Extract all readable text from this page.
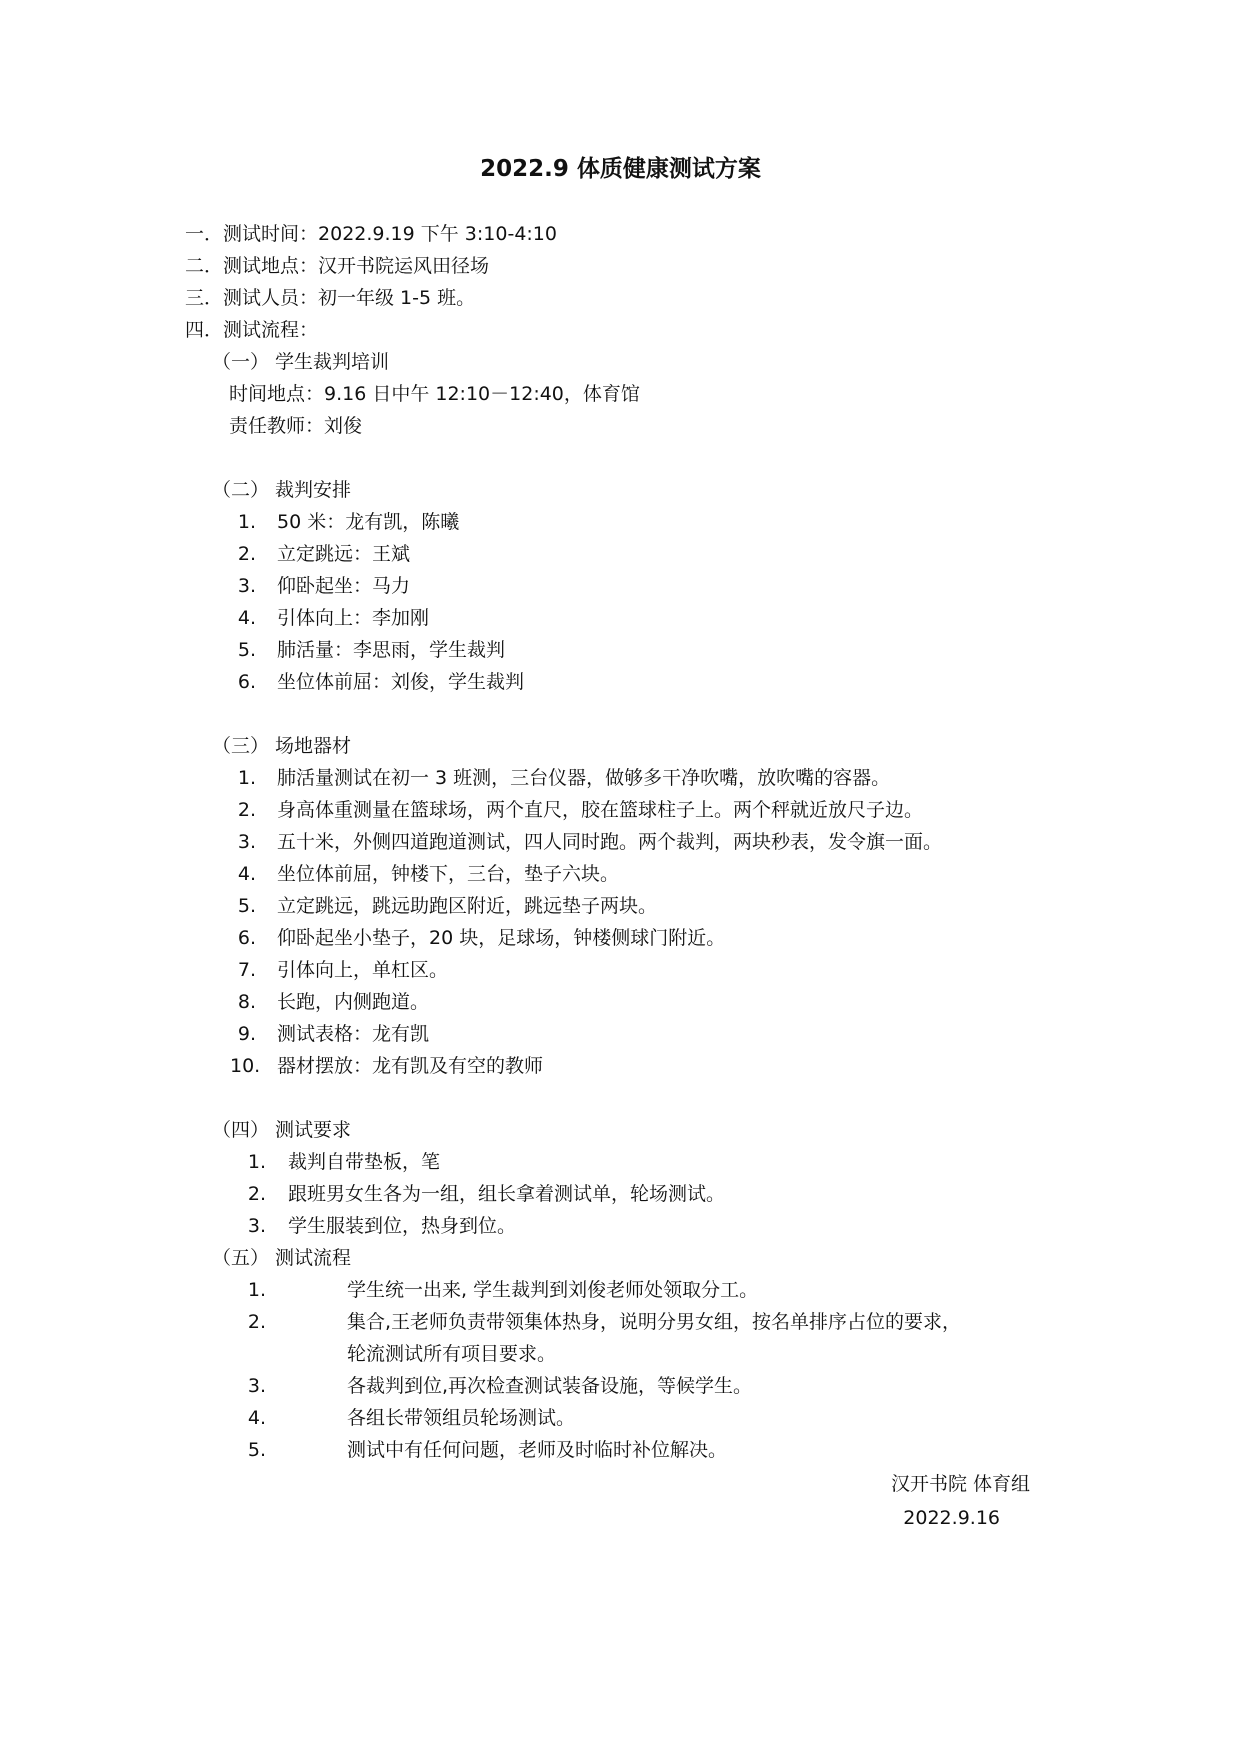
2022.9 体质健康测试方案
一．测试时间：2022.9.19 下午 3:10-4:10
二．测试地点：汉开书院运风田径场
三．测试人员：初一年级 1-5 班。
四．测试流程：
（一） 学生裁判培训
时间地点：9.16 日中午 12:10－12:40，体育馆
责任教师：刘俊
（二） 裁判安排
1. 50 米：龙有凯，陈曦
2. 立定跳远：王斌
3. 仰卧起坐：马力
4. 引体向上：李加刚
5. 肺活量：李思雨，学生裁判
6. 坐位体前屈：刘俊，学生裁判
（三） 场地器材
1. 肺活量测试在初一 3 班测，三台仪器，做够多干净吹嘴，放吹嘴的容器。
2. 身高体重测量在篮球场，两个直尺，胶在篮球柱子上。两个秤就近放尺子边。
3. 五十米，外侧四道跑道测试，四人同时跑。两个裁判，两块秒表，发令旗一面。
4. 坐位体前屈，钟楼下，三台，垫子六块。
5. 立定跳远，跳远助跑区附近，跳远垫子两块。
6. 仰卧起坐小垫子，20 块，足球场，钟楼侧球门附近。
7. 引体向上，单杠区。
8. 长跑，内侧跑道。
9. 测试表格：龙有凯
10. 器材摆放：龙有凯及有空的教师
（四） 测试要求
1. 裁判自带垫板，笔
2. 跟班男女生各为一组，组长拿着测试单，轮场测试。
3. 学生服装到位，热身到位。
（五） 测试流程
1.	学生统一出来, 学生裁判到刘俊老师处领取分工。
2.	集合,王老师负责带领集体热身，说明分男女组，按名单排序占位的要求，
轮流测试所有项目要求。
3.	各裁判到位,再次检查测试装备设施，等候学生。
4.	各组长带领组员轮场测试。
5.	测试中有任何问题，老师及时临时补位解决。
汉开书院 体育组
2022.9.16
